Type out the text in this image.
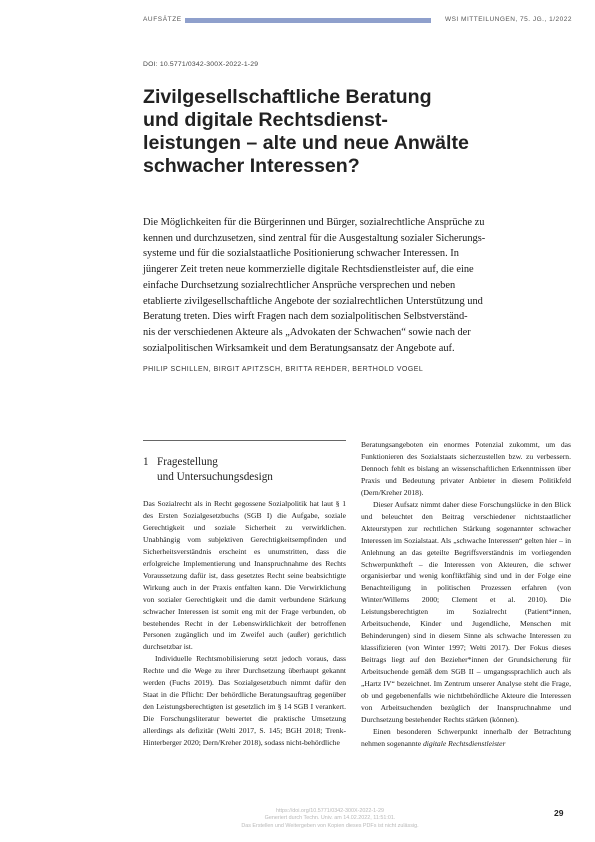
AUFSÄTZE	WSI MITTEILUNGEN, 75. JG., 1/2022
DOI: 10.5771/0342-300X-2022-1-29
Zivilgesellschaftliche Beratung
und digitale Rechtsdienst-
leistungen – alte und neue Anwälte
schwacher Interessen?
Die Möglichkeiten für die Bürgerinnen und Bürger, sozialrechtliche Ansprüche zu
kennen und durchzusetzen, sind zentral für die Ausgestaltung sozialer Sicherungs-
systeme und für die sozialstaatliche Positionierung schwacher Interessen. In
jüngerer Zeit treten neue kommerzielle digitale Rechtsdienstleister auf, die eine
einfache Durchsetzung sozialrechtlicher Ansprüche versprechen und neben
etablierte zivilgesellschaftliche Angebote der sozialrechtlichen Unterstützung und
Beratung treten. Dies wirft Fragen nach dem sozialpolitischen Selbstverständ-
nis der verschiedenen Akteure als „Advokaten der Schwachen“ sowie nach der
sozialpolitischen Wirksamkeit und dem Beratungsansatz der Angebote auf.
PHILIP SCHILLEN, BIRGIT APITZSCH, BRITTA REHDER, BERTHOLD VOGEL
1 Fragestellung
und Untersuchungsdesign

Das Sozialrecht als in Recht gegossene Sozialpolitik hat laut § 1 des Ersten Sozialgesetzbuchs (SGB I) die Aufgabe, soziale Gerechtigkeit und soziale Sicherheit zu verwirklichen. Unabhängig vom subjektiven Gerechtigkeitsempfinden und Sicherheitsverständnis erscheint es unumstritten, dass die erfolgreiche Implementierung und Inanspruchnahme des Rechts Voraussetzung dafür ist, dass gesetztes Recht seine beabsichtigte Wirkung auch in der Praxis entfalten kann. Die Verwirklichung von sozialer Gerechtigkeit und die damit verbundene Stärkung schwacher Interessen ist somit eng mit der Frage verbunden, ob bestehendes Recht in der Lebenswirklichkeit der betroffenen Personen zugänglich und im Zweifel auch (außer) gerichtlich durchsetzbar ist.

Individuelle Rechtsmobilisierung setzt jedoch voraus, dass Rechte und die Wege zu ihrer Durchsetzung überhaupt gekannt werden (Fuchs 2019). Das Sozialgesetzbuch nimmt dafür den Staat in die Pflicht: Der behördliche Beratungsauftrag gegenüber den Leistungsberechtigten ist gesetzlich im § 14 SGB I verankert. Die Forschungsliteratur bewertet die praktische Umsetzung allerdings als defizitär (Welti 2017, S. 145; BGH 2018; Trenk-Hinterberger 2020; Dern/Kreher 2018), sodass nicht-behördliche

Beratungsangeboten ein enormes Potenzial zukommt, um das Funktionieren des Sozialstaats sicherzustellen bzw. zu verbessern. Dennoch fehlt es bislang an wissenschaftlichen Erkenntnissen über Praxis und Bedeutung privater Anbieter in diesem Politikfeld (Dern/Kreher 2018).

Dieser Aufsatz nimmt daher diese Forschungslücke in den Blick und beleuchtet den Beitrag verschiedener nichtstaatlicher Akteurstypen zur rechtlichen Stärkung sogenannter schwacher Interessen im Sozialstaat. Als „schwache Interessen“ gelten hier – in Anlehnung an das geteilte Begriffsverständnis im vorliegenden Schwerpunktheft – die Interessen von Akteuren, die schwer organisierbar und wenig konfliktfähig sind und in der Folge eine Benachteiligung in politischen Prozessen erfahren (von Winter/Willems 2000; Clement et al. 2010). Die Leistungsberechtigten im Sozialrecht (Patient*innen, Arbeitsuchende, Kinder und Jugendliche, Menschen mit Behinderungen) sind in diesem Sinne als schwache Interessen zu klassifizieren (von Winter 1997; Welti 2017). Der Fokus dieses Beitrags liegt auf den Bezieher*innen der Grundsicherung für Arbeitsuchende gemäß dem SGB II – umgangssprachlich auch als „Hartz IV“ bezeichnet. Im Zentrum unserer Analyse steht die Frage, ob und gegebenenfalls wie nichtbehördliche Akteure die Interessen von Arbeitsuchenden bezüglich der Inanspruchnahme und Durchsetzung bestehender Rechts stärken (können).

Einen besonderen Schwerpunkt innerhalb der Betrachtung nehmen sogenannte digitale Rechtsdienstleister

https://doi.org/10.5771/0342-300X-2022-1-29
Generiert durch Techn. Univ. am 14.02.2022, 11:51:01.
Das Erstellen und Weitergeben von Kopien dieses PDFs ist nicht zulässig.
29
